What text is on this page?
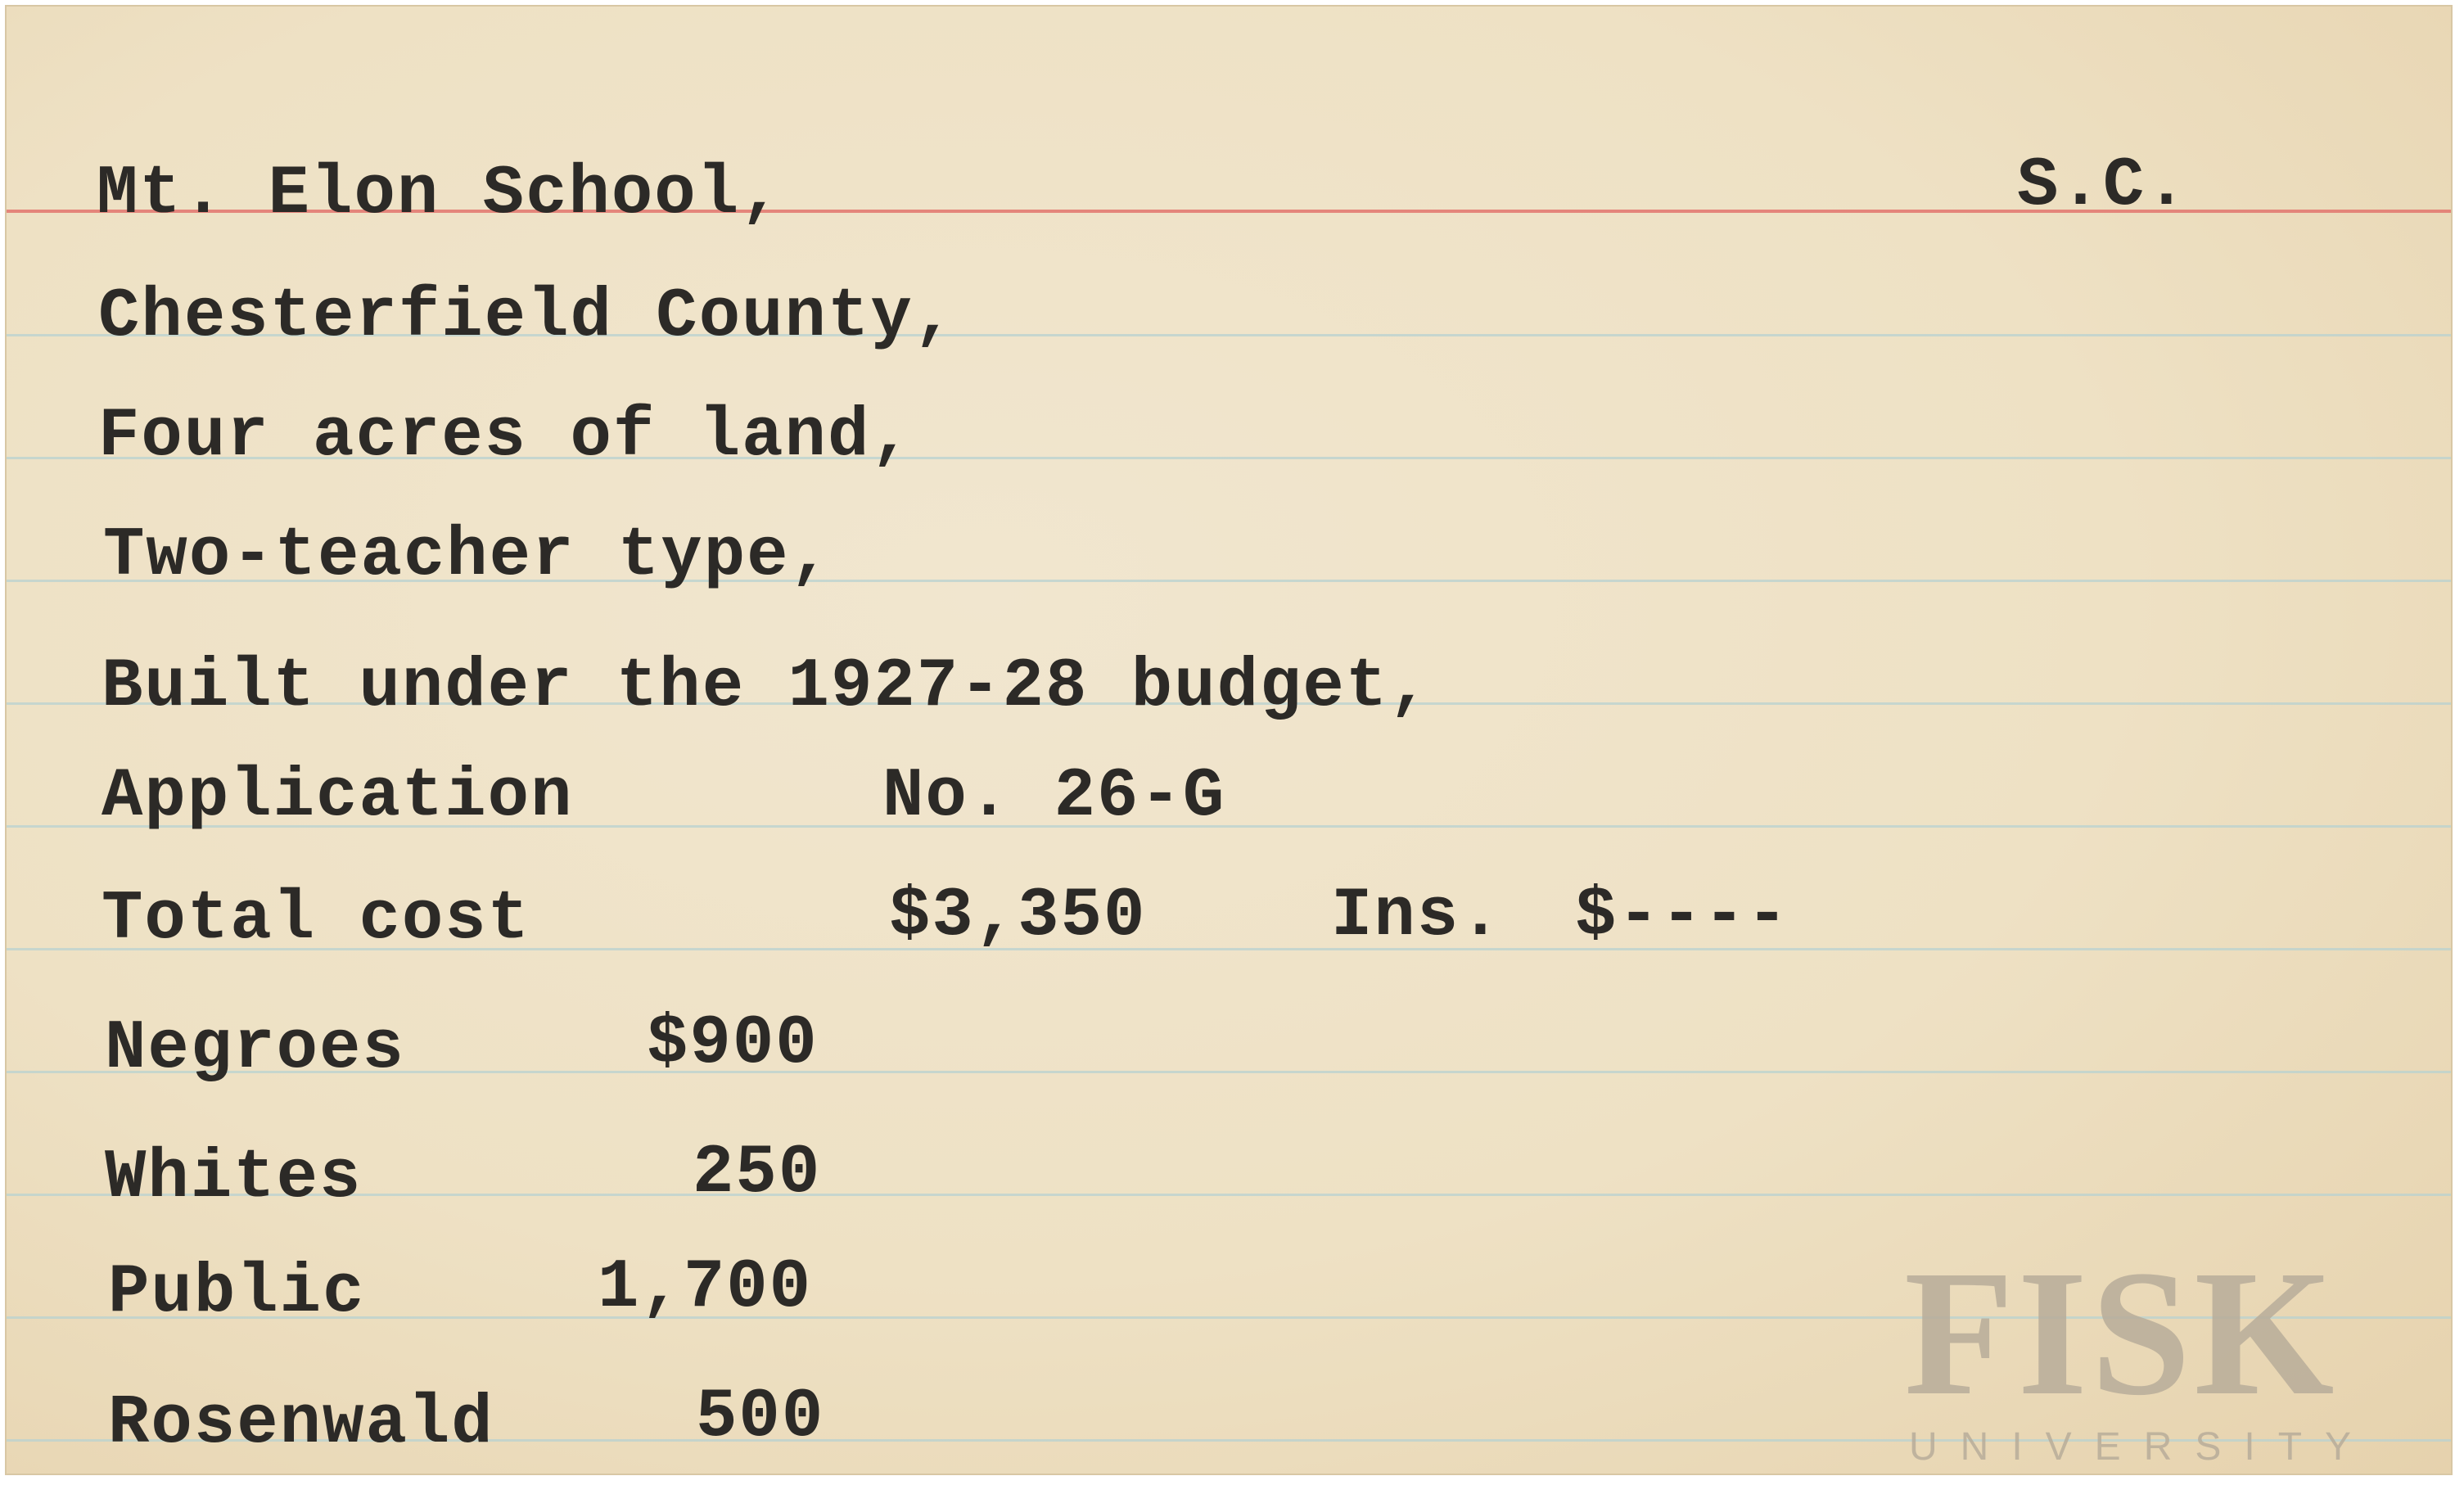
Mt. Elon School,	S.C.
Chesterfield County,
Four acres of land,
Two-teacher type,
Built under the 1927-28 budget,
Application	No. 26-G
Total cost	$3,350	Ins. $----
Negroes	$900
Whites	250
Public	1,700
Rosenwald	500	FISK
UNIVERSITY
